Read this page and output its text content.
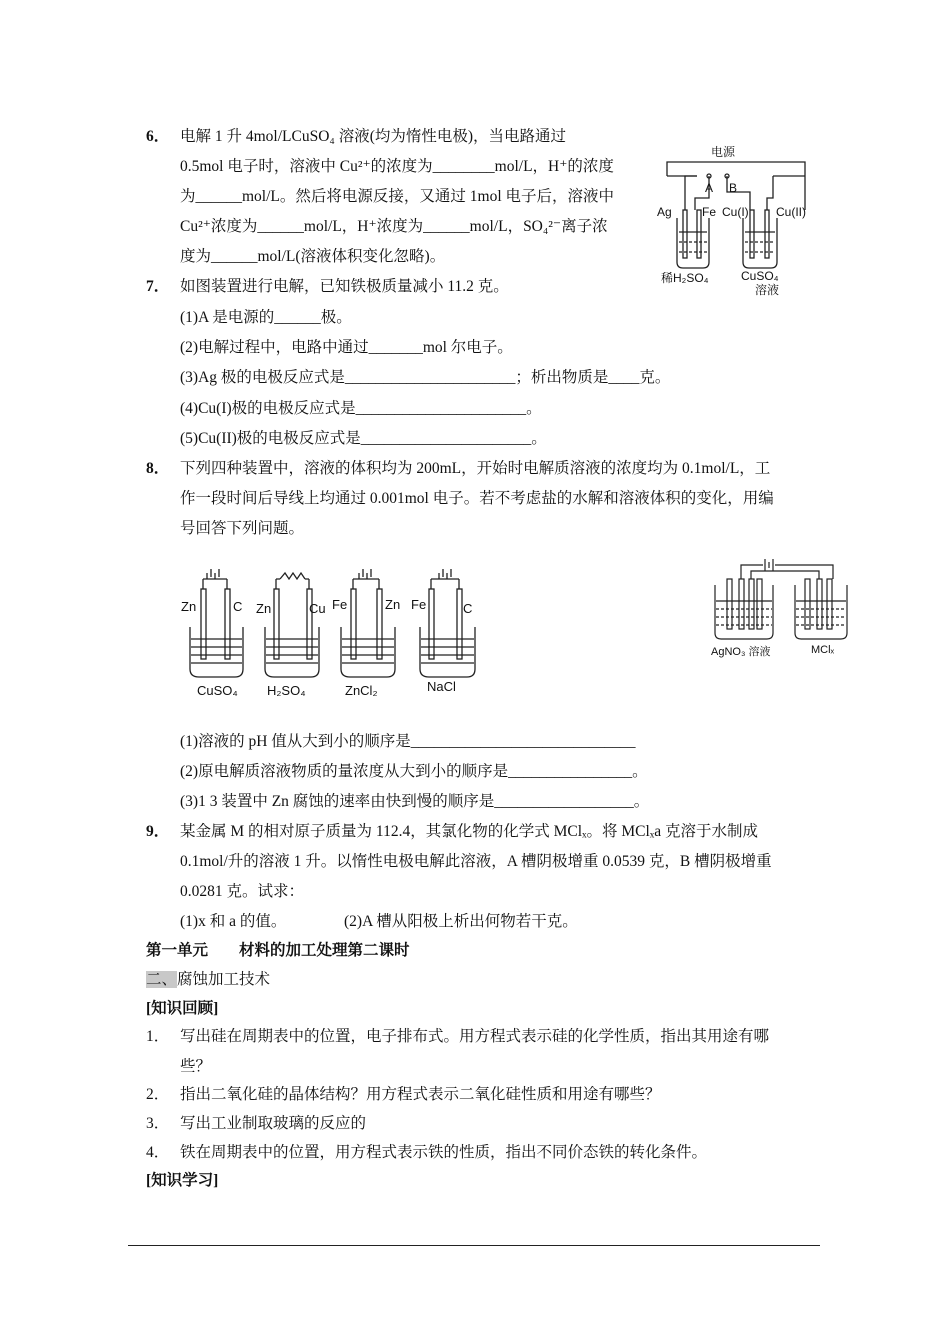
6． 电解 1 升 4mol/LCuSO₄ 溶液(均为惰性电极)，当电路通过
0.5mol 电子时，溶液中 Cu²⁺的浓度为________mol/L，H⁺的浓度
为______mol/L。然后将电源反接，又通过 1mol 电子后，溶液中
Cu²⁺浓度为______mol/L，H⁺浓度为______mol/L，SO₄²⁻离子浓
度为______mol/L(溶液体积变化忽略)。
电源
A B
Ag	Fe Cu(I) Cu(II)
稀H₂SO₄	CuSO₄
溶液
7． 如图装置进行电解，已知铁极质量减小 11.2 克。
(1)A 是电源的______极。
(2)电解过程中，电路中通过_______mol 尔电子。
(3)Ag 极的电极反应式是______________________；析出物质是____克。
(4)Cu(I)极的电极反应式是______________________。
(5)Cu(II)极的电极反应式是______________________。
8． 下列四种装置中，溶液的体积均为 200mL，开始时电解质溶液的浓度均为 0.1mol/L，工
作一段时间后导线上均通过 0.001mol 电子。若不考虑盐的水解和溶液体积的变化，用编
号回答下列问题。
Zn	C
CuSO₄
Zn	Cu
H₂SO₄
Fe	Zn
ZnCl₂
Fe	C
NaCl
AgNO₃ 溶液	MClₓ
(1)溶液的 pH 值从大到小的顺序是_____________________________
(2)原电解质溶液物质的量浓度从大到小的顺序是________________。
(3)1 3 装置中 Zn 腐蚀的速率由快到慢的顺序是__________________。
9． 某金属 M 的相对原子质量为 112.4，其氯化物的化学式 MClₓ。将 MClₓa 克溶于水制成
0.1mol/升的溶液 1 升。以惰性电极电解此溶液，A 槽阴极增重 0.0539 克，B 槽阴极增重
0.0281 克。试求：
(1)x 和 a 的值。	(2)A 槽从阳极上析出何物若干克。
第一单元　　材料的加工处理第二课时
二、腐蚀加工技术
[知识回顾]
1． 写出硅在周期表中的位置，电子排布式。用方程式表示硅的化学性质，指出其用途有哪
些？
2． 指出二氧化硅的晶体结构？用方程式表示二氧化硅性质和用途有哪些？
3． 写出工业制取玻璃的反应的
4． 铁在周期表中的位置，用方程式表示铁的性质，指出不同价态铁的转化条件。
[知识学习]
